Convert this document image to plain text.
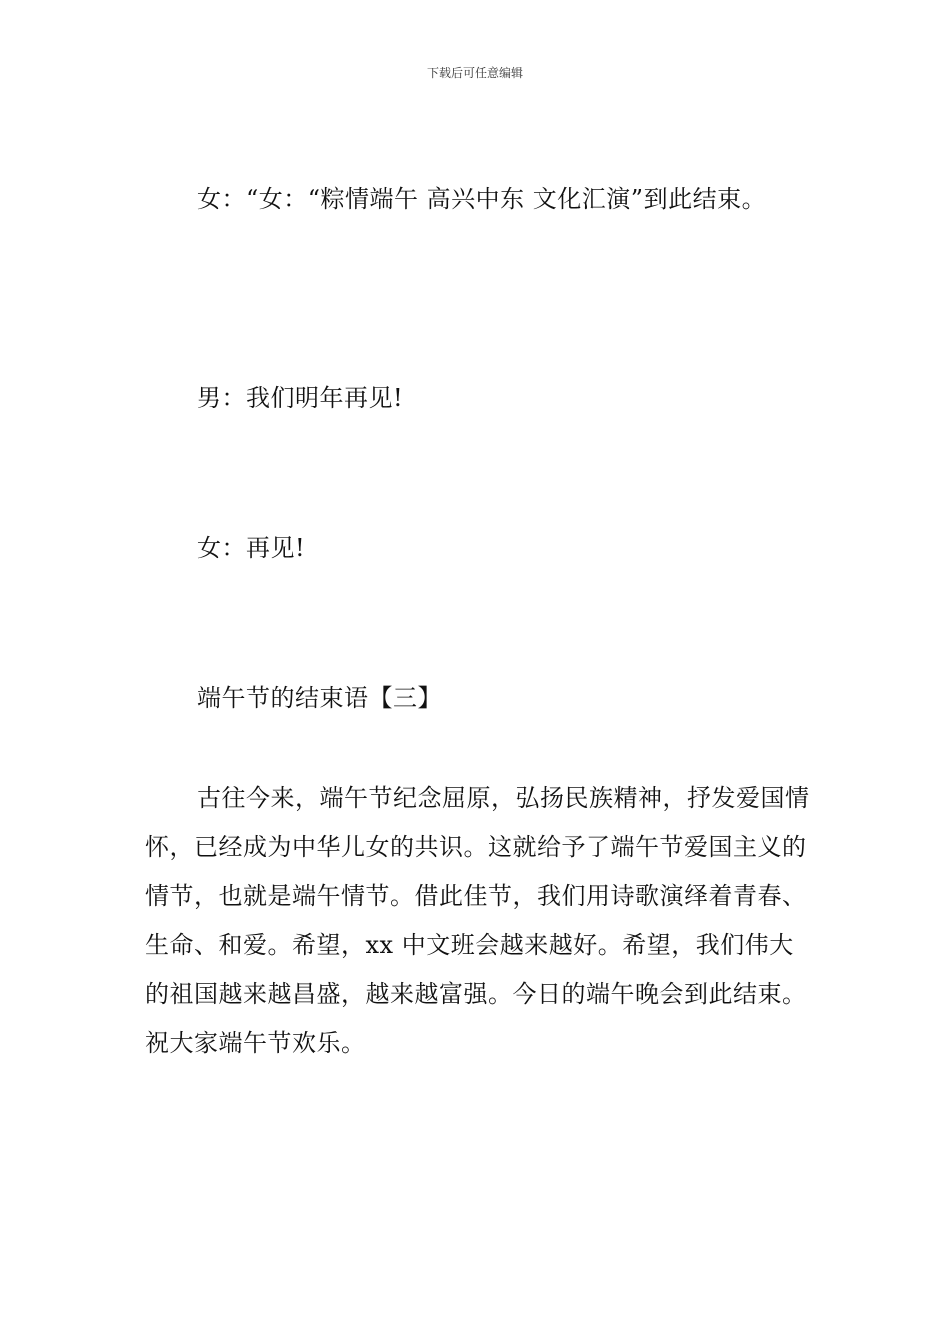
下载后可任意编辑

女：“女：“粽情端午 高兴中东 文化汇演”到此结束。

男：我们明年再见!

女：再见!

端午节的结束语【三】

古往今来，端午节纪念屈原，弘扬民族精神，抒发爱国情怀，已经成为中华儿女的共识。这就给予了端午节爱国主义的情节，也就是端午情节。借此佳节，我们用诗歌演绎着青春、生命、和爱。希望，xx 中文班会越来越好。希望，我们伟大的祖国越来越昌盛，越来越富强。今日的端午晚会到此结束。祝大家端午节欢乐。
